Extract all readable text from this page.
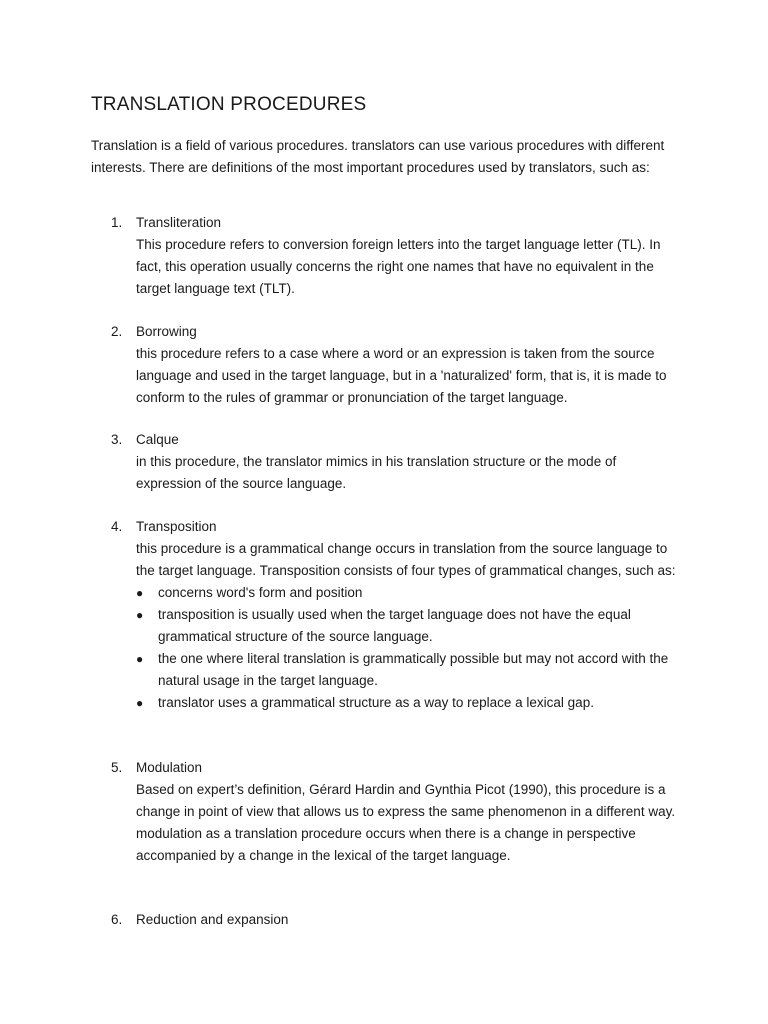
TRANSLATION PROCEDURES

Translation is a field of various procedures. translators can use various procedures with different interests. There are definitions of the most important procedures used by translators, such as:

1.	Transliteration
This procedure refers to conversion foreign letters into the target language letter (TL). In fact, this operation usually concerns the right one names that have no equivalent in the target language text (TLT).
2.	Borrowing
this procedure refers to a case where a word or an expression is taken from the source language and used in the target language, but in a 'naturalized' form, that is, it is made to conform to the rules of grammar or pronunciation of the target language.
3.	Calque
in this procedure, the translator mimics in his translation structure or the mode of expression of the source language.
4.	Transposition
this procedure is a grammatical change occurs in translation from the source language to the target language. Transposition consists of four types of grammatical changes, such as:
●	concerns word's form and position
●	transposition is usually used when the target language does not have the equal grammatical structure of the source language.
●	the one where literal translation is grammatically possible but may not accord with the natural usage in the target language.
●	translator uses a grammatical structure as a way to replace a lexical gap.
5.	Modulation
Based on expert’s definition, Gérard Hardin and Gynthia Picot (1990), this procedure is a change in point of view that allows us to express the same phenomenon in a different way.
modulation as a translation procedure occurs when there is a change in perspective accompanied by a change in the lexical of the target language.
6.	Reduction and expansion
